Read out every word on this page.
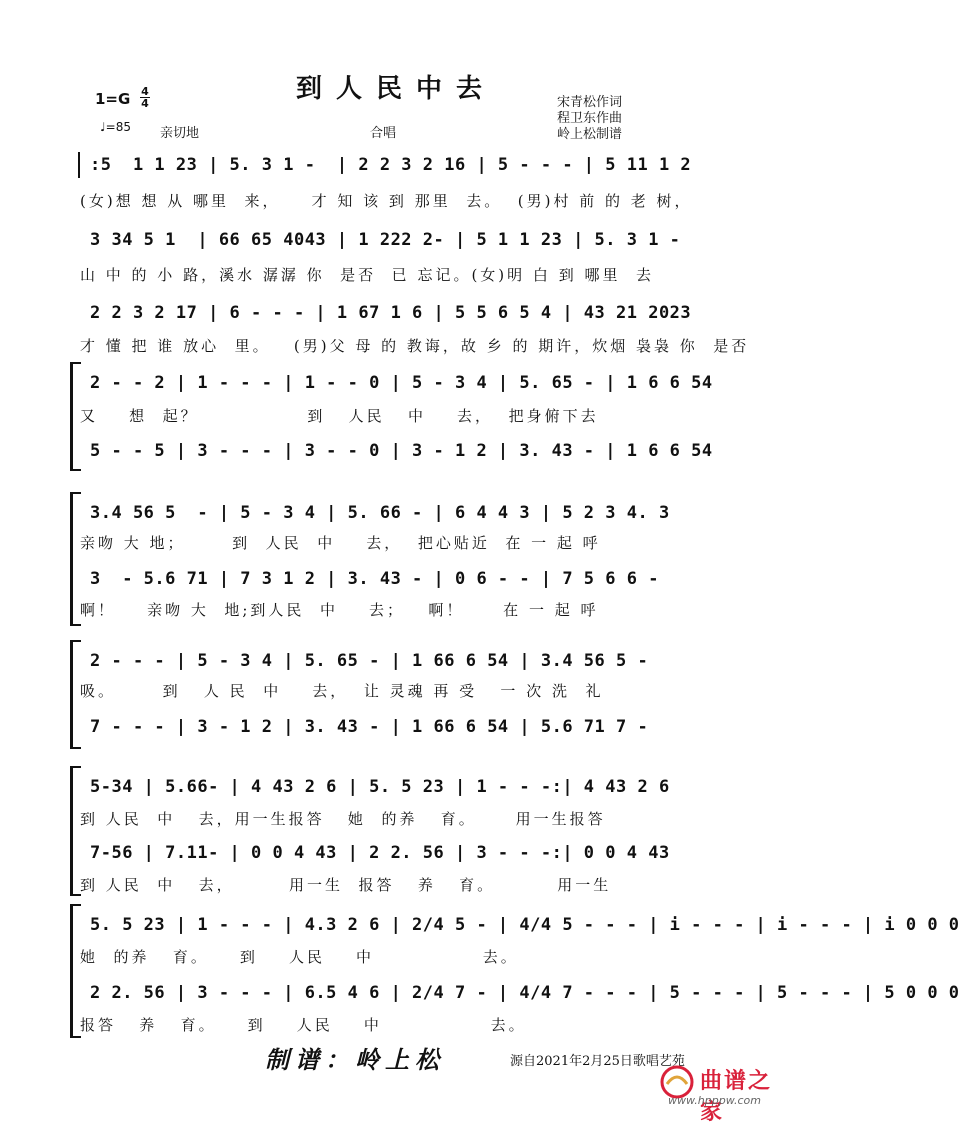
到人民中去
1=G 4
4
♩=85 亲切地	合唱
宋青松作词
程卫东作曲
岭上松制谱
:5  1 1 23 | 5. 3 1 -  | 2 2 3 2 16 | 5 - - - | 5 11 1 2
(女)想 想 从 哪里  来，    才 知 该 到 那里  去。  (男)村 前 的 老 树，
3 34 5 1  | 66 65 4043 | 1 222 2- | 5 1 1 23 | 5. 3 1 -
山 中 的 小 路，溪水 潺潺 你  是否  已 忘记。(女)明 白 到 哪里  去
2 2 3 2 17 | 6 - - - | 1 67 1 6 | 5 5 6 5 4 | 43 21 2023
才 懂 把 谁 放心  里。   (男)父 母 的 教诲，故 乡 的 期许，炊烟 袅袅 你  是否
2 - - 2 | 1 - - - | 1 - - 0 | 5 - 3 4 | 5. 65 - | 1 6 6 54
又    想  起？              到   人民   中    去，  把身俯下去
5 - - 5 | 3 - - - | 3 - - 0 | 3 - 1 2 | 3. 43 - | 1 6 6 54
3.4 56 5  - | 5 - 3 4 | 5. 66 - | 6 4 4 3 | 5 2 3 4. 3
亲吻 大 地；      到  人民  中    去，  把心贴近  在 一 起 呼
3  - 5.6 71 | 7 3 1 2 | 3. 43 - | 0 6 - - | 7 5 6 6 -
啊！    亲吻 大  地;到人民  中    去；   啊！     在 一 起 呼
2 - - - | 5 - 3 4 | 5. 65 - | 1 66 6 54 | 3.4 56 5 -
吸。      到   人 民  中    去，  让 灵魂 再 受   一 次 洗  礼
7 - - - | 3 - 1 2 | 3. 43 - | 1 66 6 54 | 5.6 71 7 -
5-34 | 5.66- | 4 43 2 6 | 5. 5 23 | 1 - - -:| 4 43 2 6
到 人民  中   去，用一生报答   她  的养   育。     用一生报答
7-56 | 7.11- | 0 0 4 43 | 2 2. 56 | 3 - - -:| 0 0 4 43
到 人民  中   去，       用一生  报答   养   育。        用一生
5. 5 23 | 1 - - - | 4.3 2 6 | 2/4 5 - | 4/4 5 - - - | i - - - | i - - - | i 0 0 0
她  的养   育。    到    人民    中              去。
2 2. 56 | 3 - - - | 6.5 4 6 | 2/4 7 - | 4/4 7 - - - | 5 - - - | 5 - - - | 5 0 0 0
报答   养   育。    到    人民    中              去。
制谱：岭上松	源自2021年2月25日歌唱艺苑
曲谱之家
www.hpppw.com
